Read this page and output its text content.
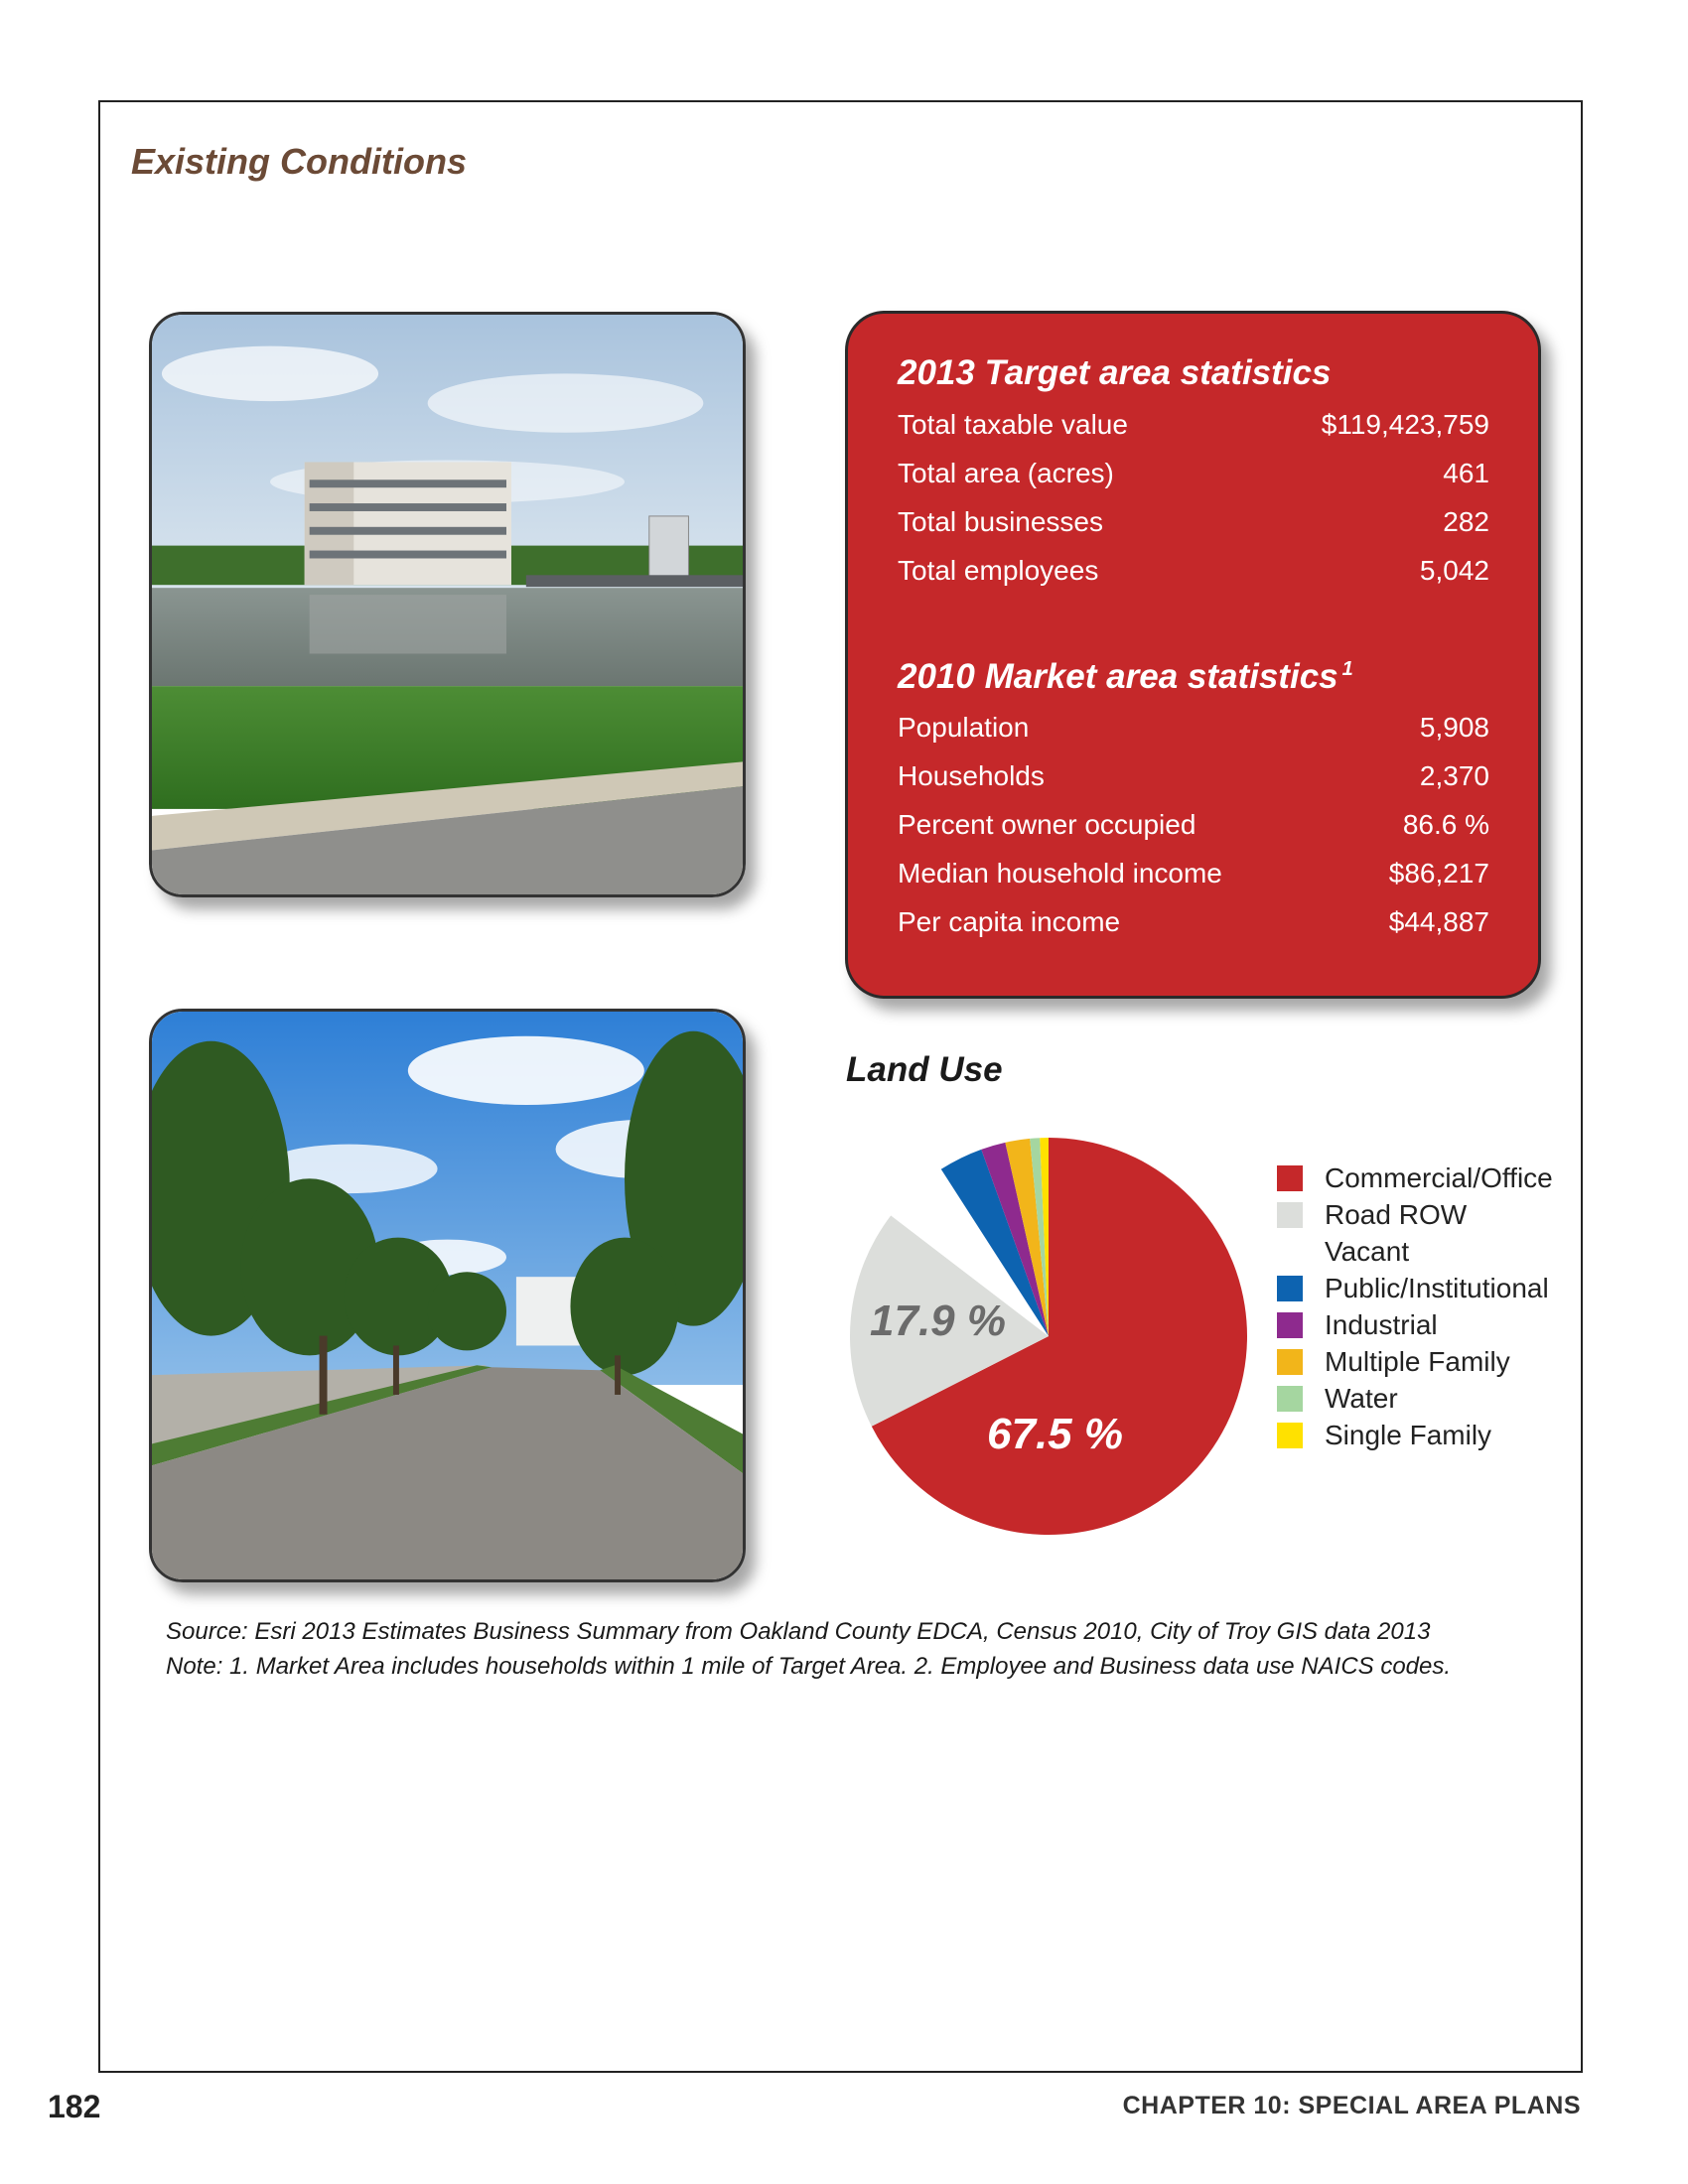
Existing Conditions
2013 Target area statistics
Total taxable value	$119,423,759
Total area (acres)	461
Total businesses	282
Total employees	5,042
2010 Market area statistics $^1$
Population	5,908
Households	2,370
Percent owner occupied	86.6 %
Median household income	$86,217
Per capita income	$44,887
Land Use
67.5 %
17.9 %
Commercial/Office
Road ROW
Vacant
Public/Institutional
Industrial
Multiple Family
Water
Single Family
Source: Esri 2013 Estimates Business Summary from Oakland County EDCA, Census 2010, City of Troy GIS data 2013
Note: 1. Market Area includes households within 1 mile of Target Area. 2. Employee and Business data use NAICS codes.
182	CHAPTER 10: SPECIAL AREA PLANS
